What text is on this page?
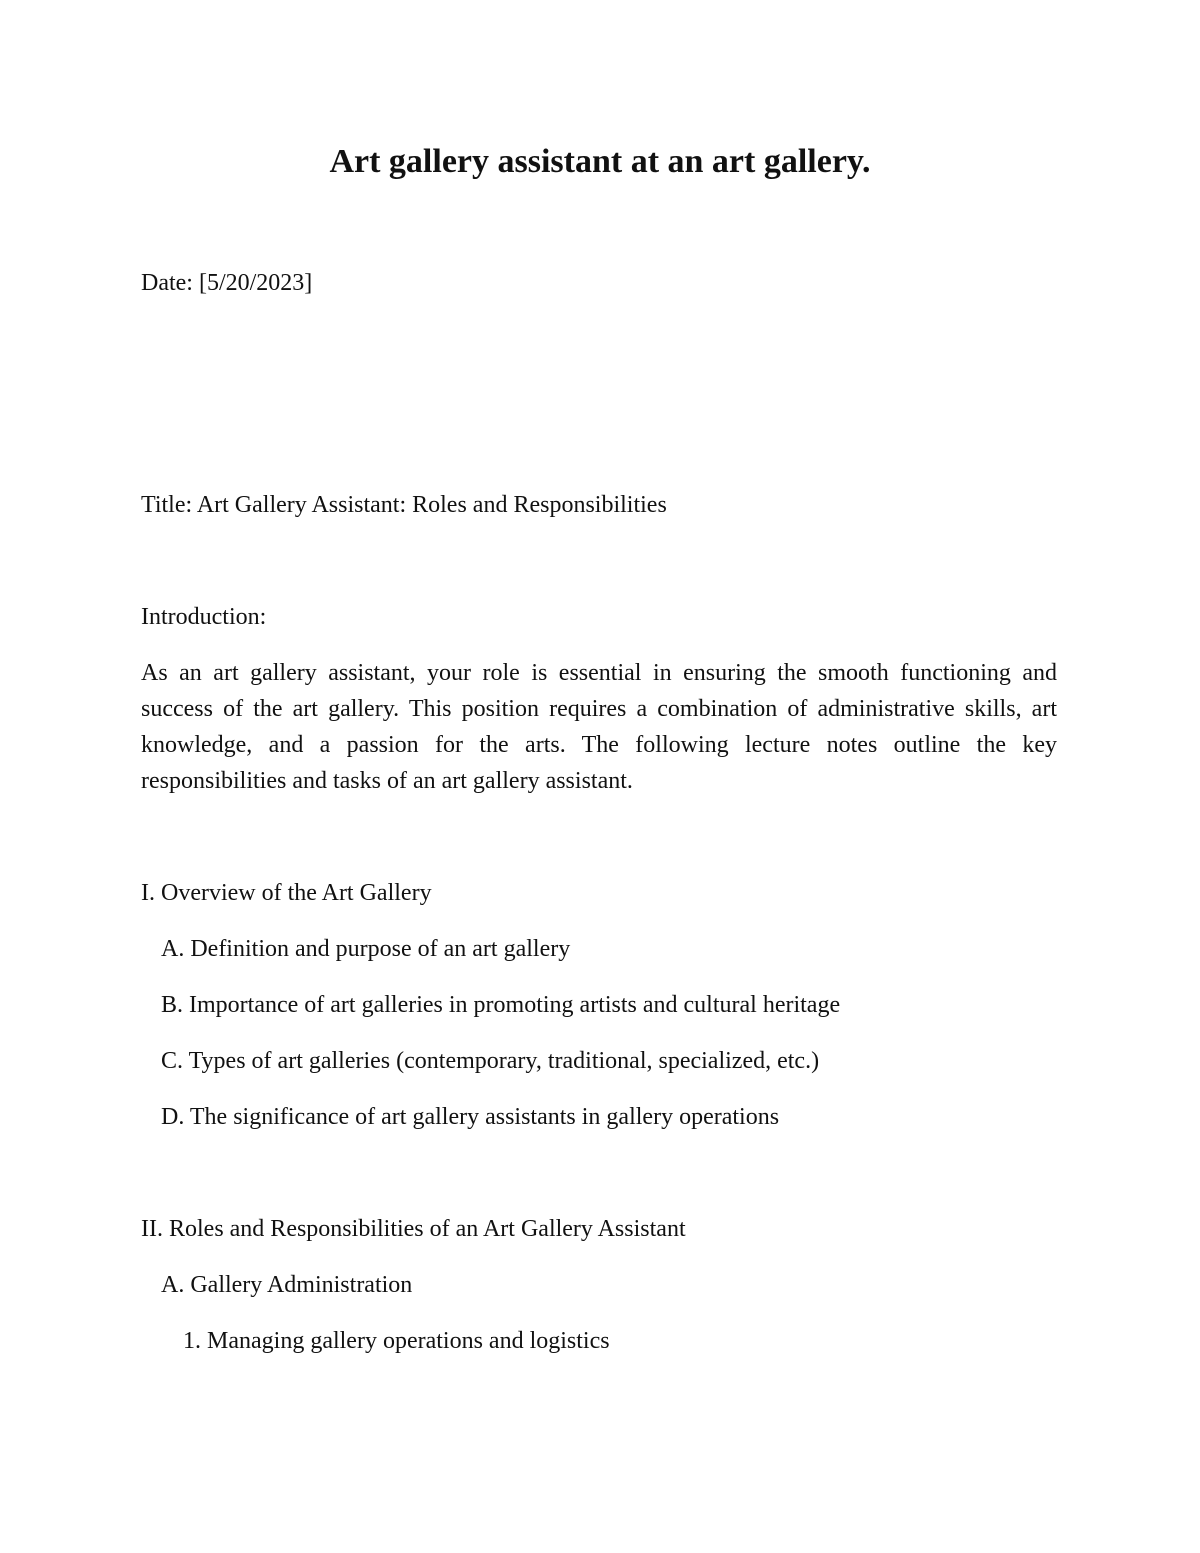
Art gallery assistant at an art gallery.
Date: [5/20/2023]
Title: Art Gallery Assistant: Roles and Responsibilities
Introduction:
As an art gallery assistant, your role is essential in ensuring the smooth functioning and success of the art gallery. This position requires a combination of administrative skills, art knowledge, and a passion for the arts. The following lecture notes outline the key responsibilities and tasks of an art gallery assistant.
I. Overview of the Art Gallery
A. Definition and purpose of an art gallery
B. Importance of art galleries in promoting artists and cultural heritage
C. Types of art galleries (contemporary, traditional, specialized, etc.)
D. The significance of art gallery assistants in gallery operations
II. Roles and Responsibilities of an Art Gallery Assistant
A. Gallery Administration
1. Managing gallery operations and logistics
